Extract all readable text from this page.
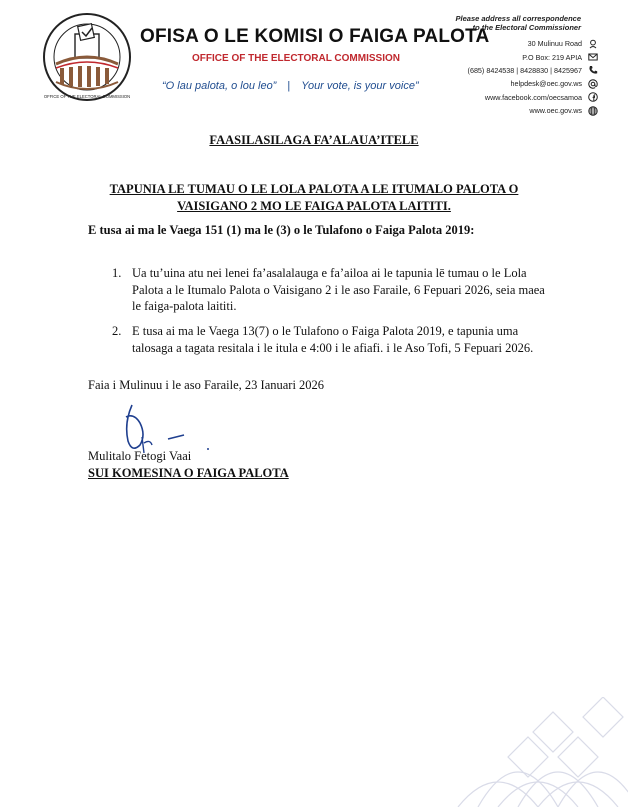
OFFICE OF THE ELECTORAL COMMISSION
OFISA O LE KOMISI O FAIGA PALOTA
OFFICE OF THE ELECTORAL COMMISSION
“O lau palota, o lou leo” | Your vote, is your voice”
Please address all correspondence
to the Electoral Commissioner
30 Mulinuu Road
P.O Box: 219 APIA
(685) 8424538 | 8428830 | 8425967
helpdesk@oec.gov.ws
www.facebook.com/oecsamoa
www.oec.gov.ws
FAASILASILAGA FA’ALAUA’ITELE
TAPUNIA LE TUMAU O LE LOLA PALOTA A LE ITUMALO PALOTA O VAISIGANO 2 MO LE FAIGA PALOTA LAITITI.
E tusa ai ma le Vaega 151 (1) ma le (3) o le Tulafono o Faiga Palota 2019:
1. Ua tu’uina atu nei lenei fa’asalalauga e fa’ailoa ai le tapunia lē tumau o le Lola Palota a le Itumalo Palota o Vaisigano 2 i le aso Faraile, 6 Fepuari 2026, seia maea le faiga-palota laititi.
2. E tusa ai ma le Vaega 13(7) o le Tulafono o Faiga Palota 2019, e tapunia uma talosaga a tagata resitala i le itula e 4:00 i le afiafi. i le Aso Tofi, 5 Fepuari 2026.
Faia i Mulinuu i le aso Faraile, 23 Ianuari 2026
Mulitalo Fetogi Vaai
SUI KOMESINA O FAIGA PALOTA
